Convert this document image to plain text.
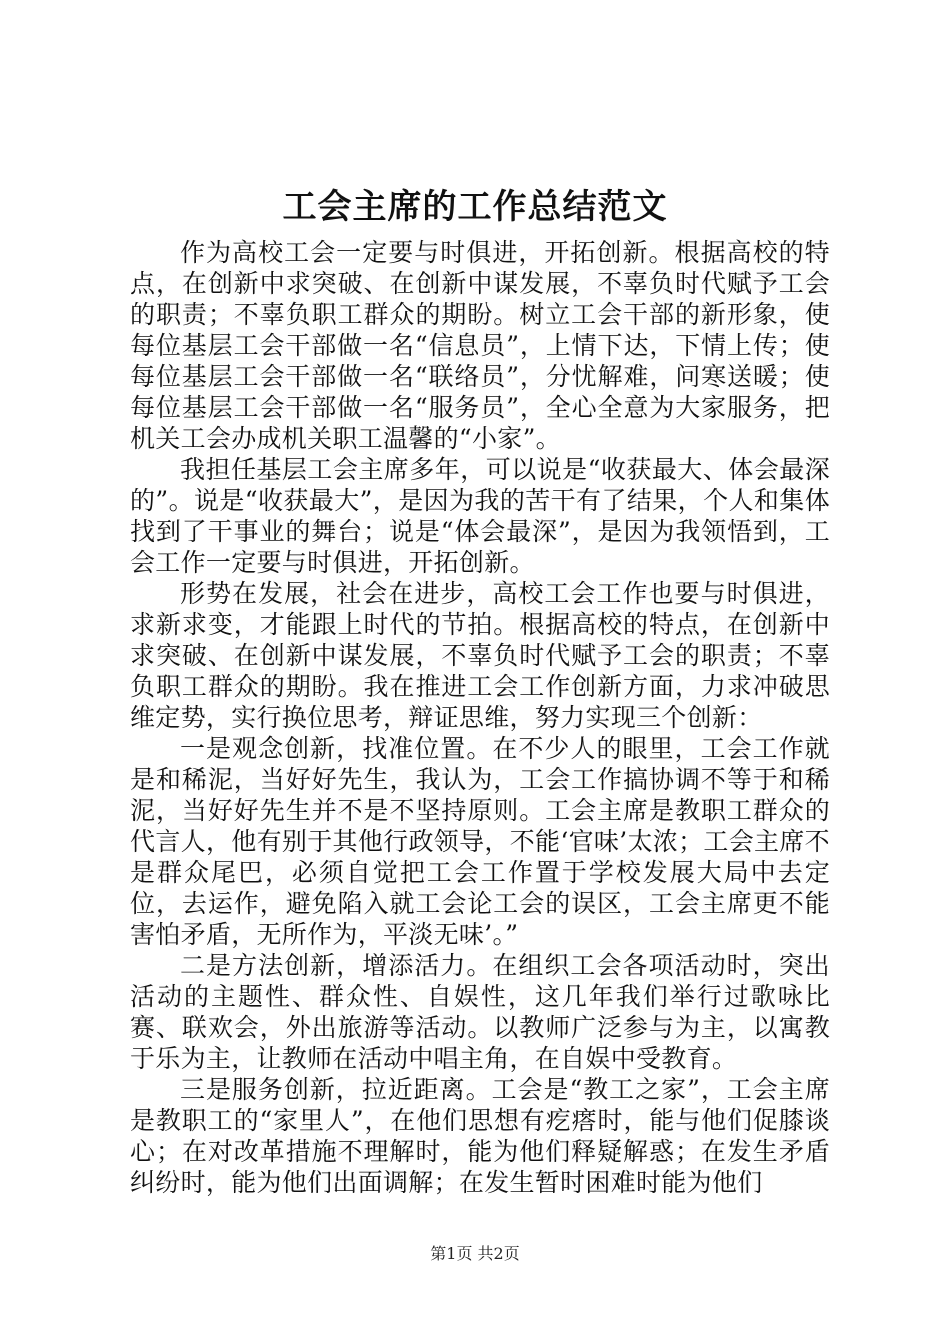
工会主席的工作总结范文

作为高校工会一定要与时俱进，开拓创新。根据高校的特点，在创新中求突破、在创新中谋发展，不辜负时代赋予工会的职责；不辜负职工群众的期盼。树立工会干部的新形象，使每位基层工会干部做一名“信息员”，上情下达，下情上传；使每位基层工会干部做一名“联络员”，分忧解难，问寒送暖；使每位基层工会干部做一名“服务员”，全心全意为大家服务，把机关工会办成机关职工温馨的“小家”。

我担任基层工会主席多年，可以说是“收获最大、体会最深的”。说是“收获最大”，是因为我的苦干有了结果，个人和集体找到了干事业的舞台；说是“体会最深”，是因为我领悟到，工会工作一定要与时俱进，开拓创新。

形势在发展，社会在进步，高校工会工作也要与时俱进，求新求变，才能跟上时代的节拍。根据高校的特点，在创新中求突破、在创新中谋发展，不辜负时代赋予工会的职责；不辜负职工群众的期盼。我在推进工会工作创新方面，力求冲破思维定势，实行换位思考，辩证思维，努力实现三个创新：

一是观念创新，找准位置。在不少人的眼里，工会工作就是和稀泥，当好好先生，我认为，工会工作搞协调不等于和稀泥，当好好先生并不是不坚持原则。工会主席是教职工群众的代言人，他有别于其他行政领导，不能‘官味’太浓；工会主席不是群众尾巴，必须自觉把工会工作置于学校发展大局中去定位，去运作，避免陷入就工会论工会的误区，工会主席更不能害怕矛盾，无所作为，平淡无味’。”

二是方法创新，增添活力。在组织工会各项活动时，突出活动的主题性、群众性、自娱性，这几年我们举行过歌咏比赛、联欢会，外出旅游等活动。以教师广泛参与为主，以寓教于乐为主，让教师在活动中唱主角，在自娱中受教育。

三是服务创新，拉近距离。工会是“教工之家”，工会主席是教职工的“家里人”，在他们思想有疙瘩时，能与他们促膝谈心；在对改革措施不理解时，能为他们释疑解惑；在发生矛盾纠纷时，能为他们出面调解；在发生暂时困难时能为他们

第1页 共2页
